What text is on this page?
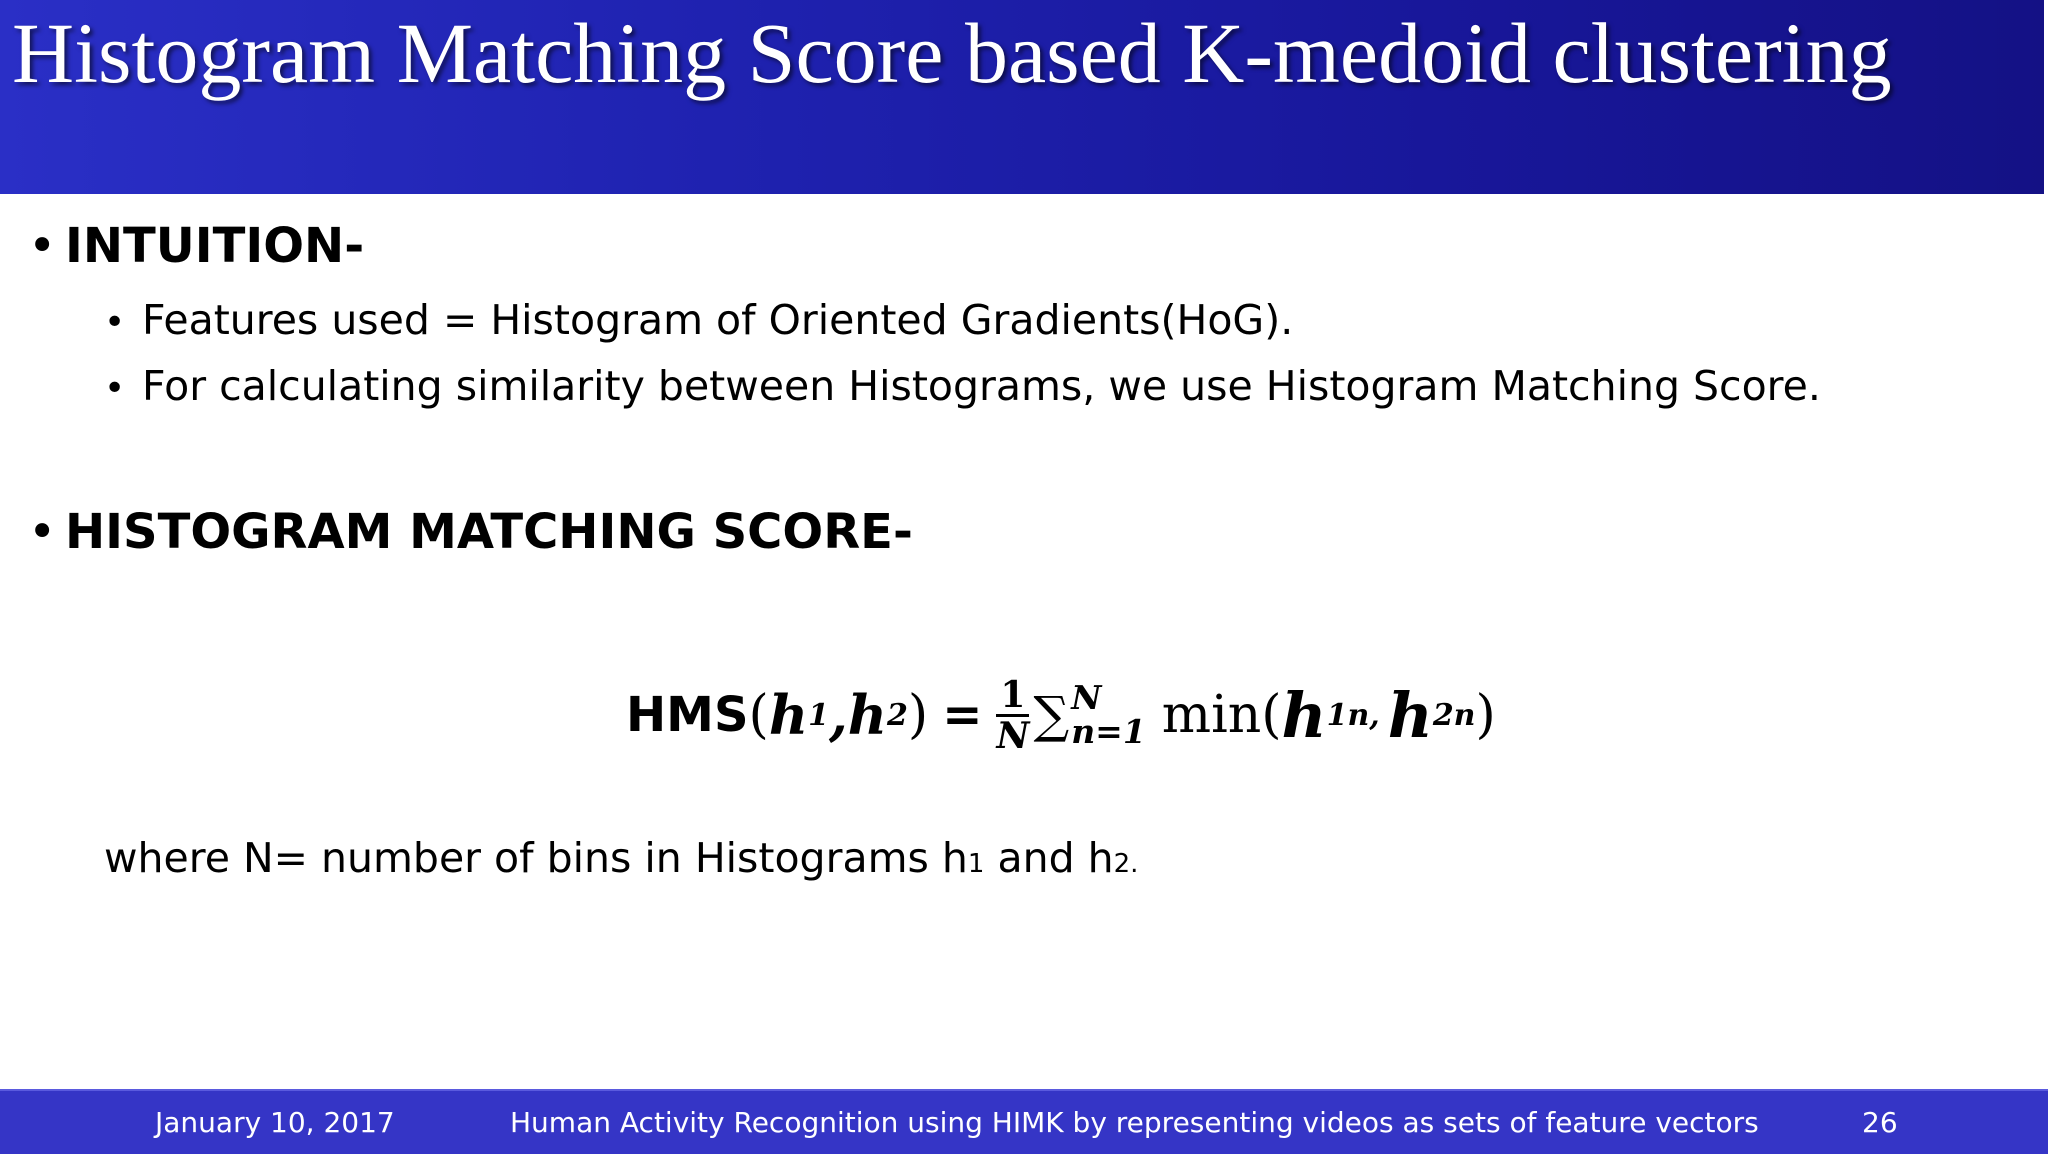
Histogram Matching Score based K-medoid clustering
• INTUITION-
• Features used = Histogram of Oriented Gradients(HoG).
• For calculating similarity between Histograms, we use Histogram Matching Score.
• HISTOGRAM MATCHING SCORE-
HMS ( h 1 , h 2 ) = $\frac{1}{N}$ ∑ N
n=1 min( h 1n, h 2n )
where N= number of bins in Histograms h1 and h2.
January 10, 2017	Human Activity Recognition using HIMK by representing videos as sets of feature vectors	26
